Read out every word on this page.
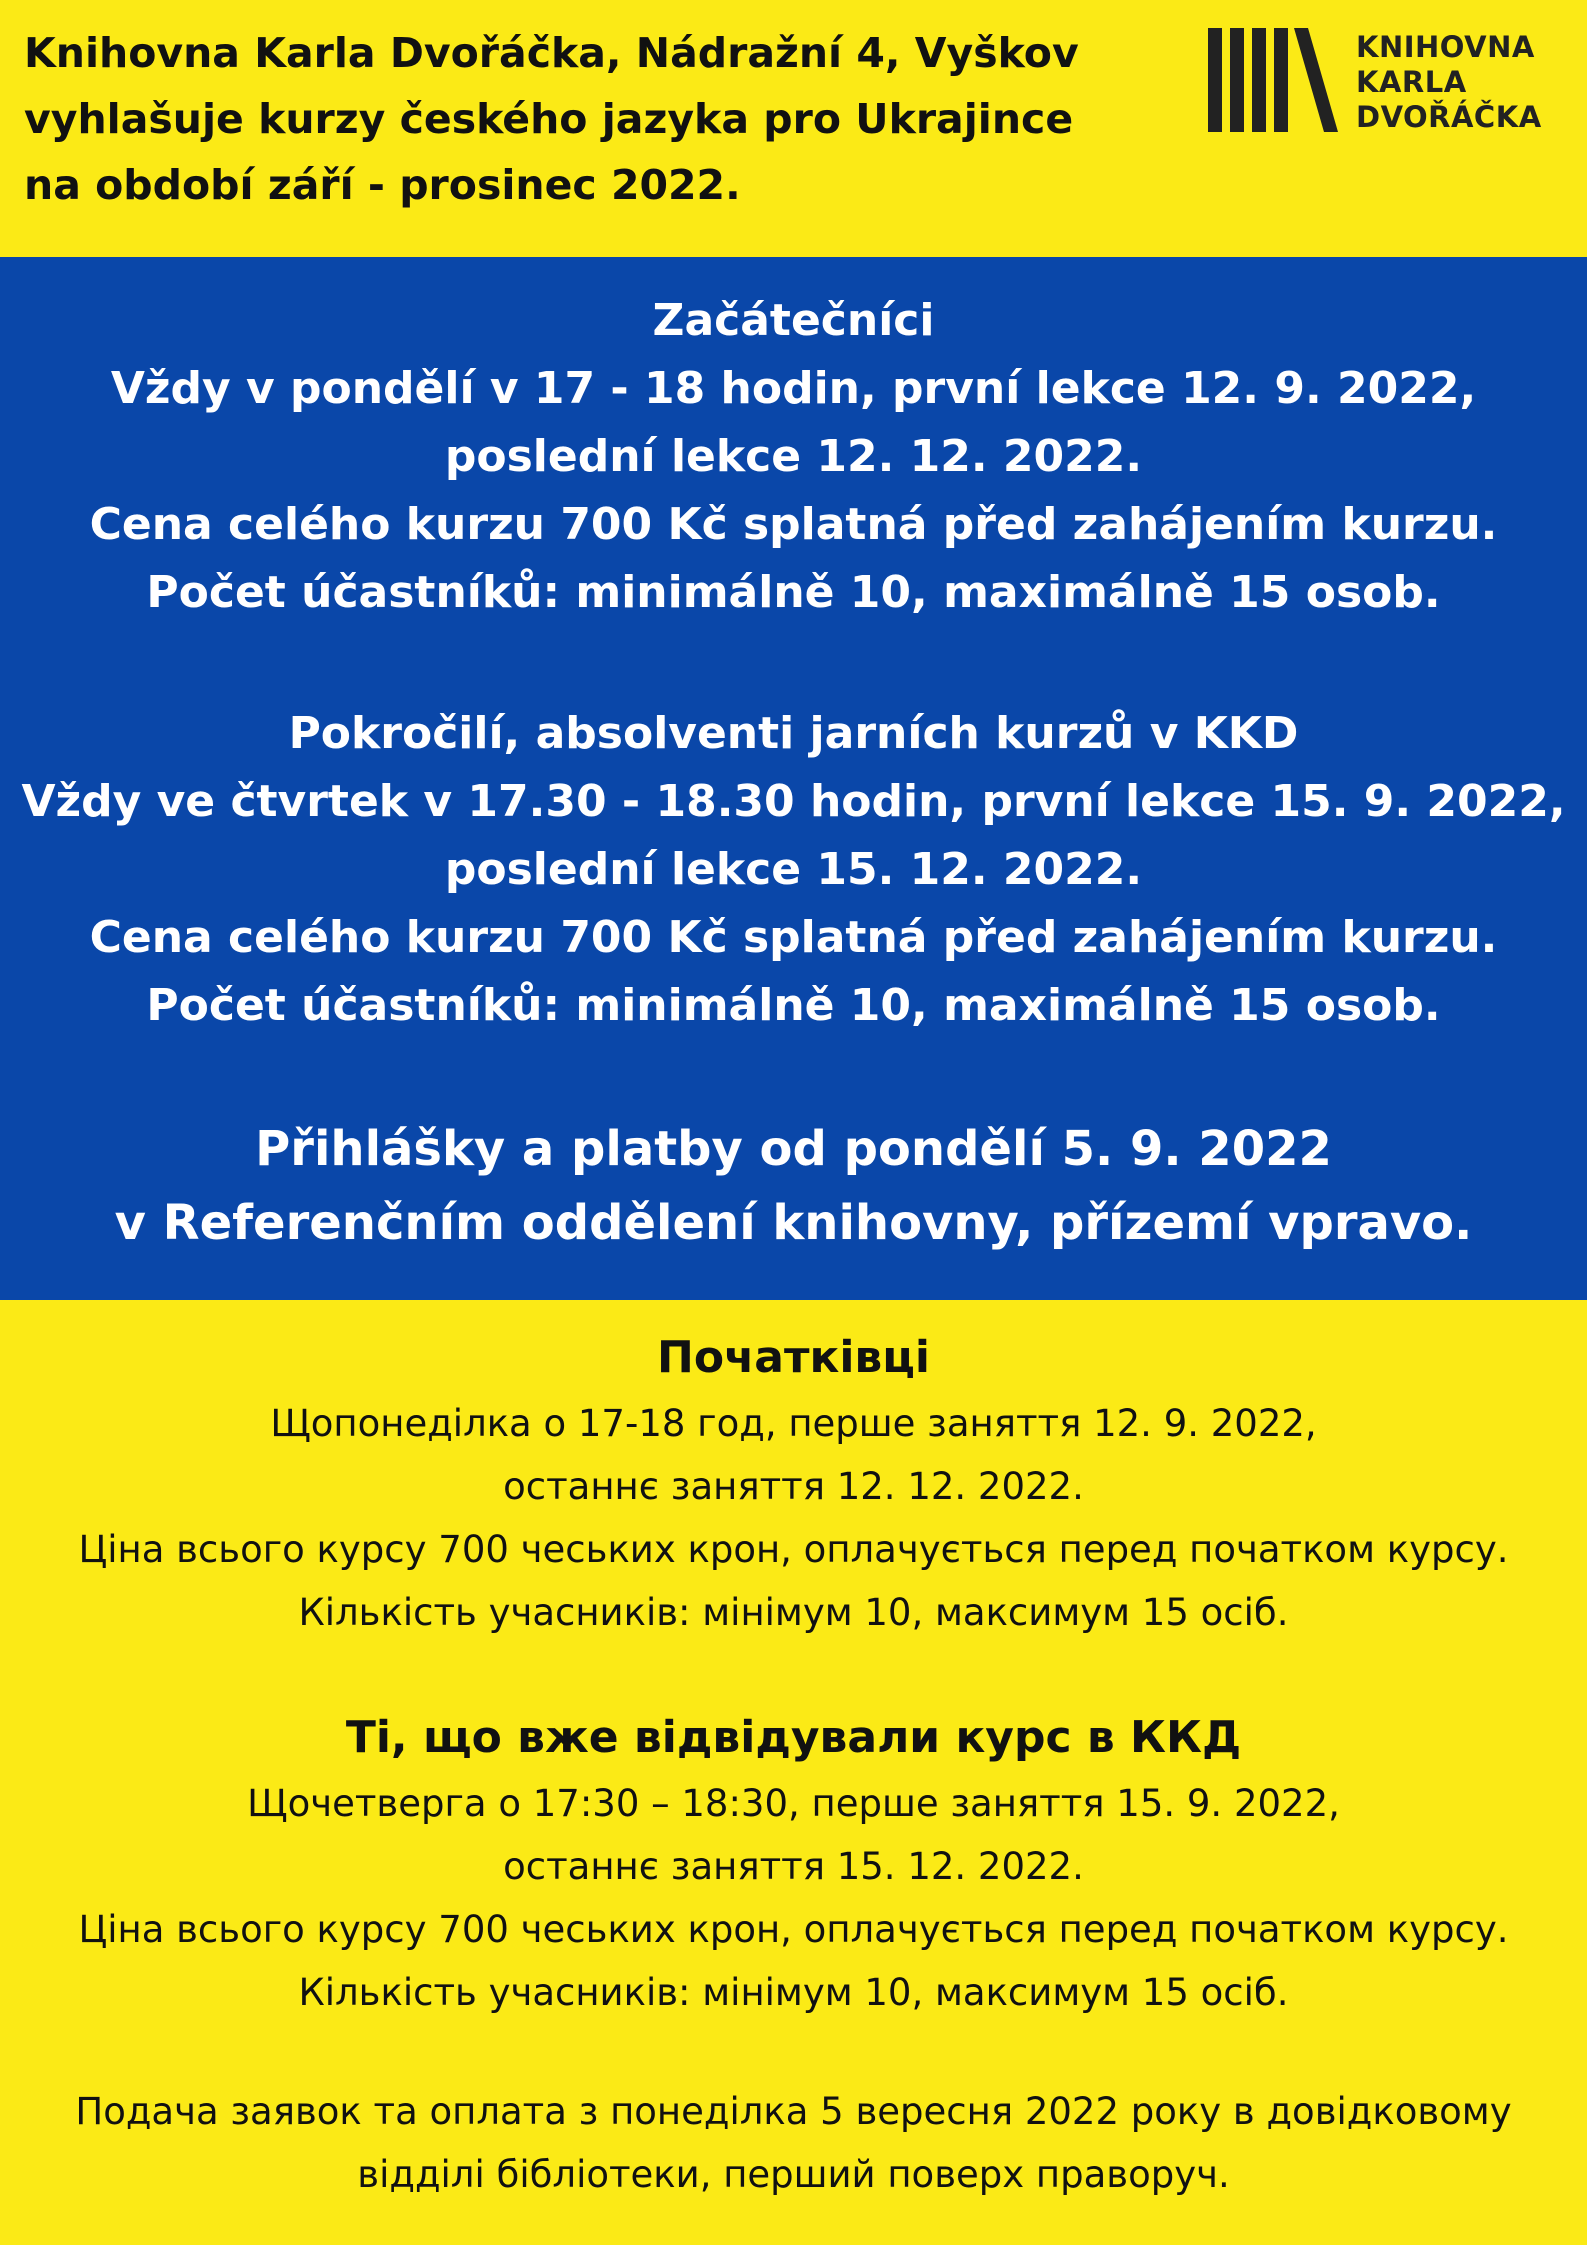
Knihovna Karla Dvořáčka, Nádražní 4, Vyškov
vyhlašuje kurzy českého jazyka pro Ukrajince
na období září - prosinec 2022.
KNIHOVNA
KARLA
DVOŘÁČKA
Začátečníci
Vždy v pondělí v 17 - 18 hodin, první lekce 12. 9. 2022,
poslední lekce 12. 12. 2022.
Cena celého kurzu 700 Kč splatná před zahájením kurzu.
Počet účastníků: minimálně 10, maximálně 15 osob.
Pokročilí, absolventi jarních kurzů v KKD
Vždy ve čtvrtek v 17.30 - 18.30 hodin, první lekce 15. 9. 2022,
poslední lekce 15. 12. 2022.
Cena celého kurzu 700 Kč splatná před zahájením kurzu.
Počet účastníků: minimálně 10, maximálně 15 osob.
Přihlášky a platby od pondělí 5. 9. 2022
v Referenčním oddělení knihovny, přízemí vpravo.
Початківці
Щопонеділка о 17-18 год, перше заняття 12. 9. 2022,
останнє заняття 12. 12. 2022.
Ціна всього курсу 700 чеських крон, оплачується перед початком курсу.
Кількість учасників: мінімум 10, максимум 15 осіб.
Ті, що вже відвідували курс в ККД
Щочетверга о 17:30 – 18:30, перше заняття 15. 9. 2022,
останнє заняття 15. 12. 2022.
Ціна всього курсу 700 чеських крон, оплачується перед початком курсу.
Кількість учасників: мінімум 10, максимум 15 осіб.
Подача заявок та оплата з понеділка 5 вересня 2022 року в довідковому
відділі бібліотеки, перший поверх праворуч.
